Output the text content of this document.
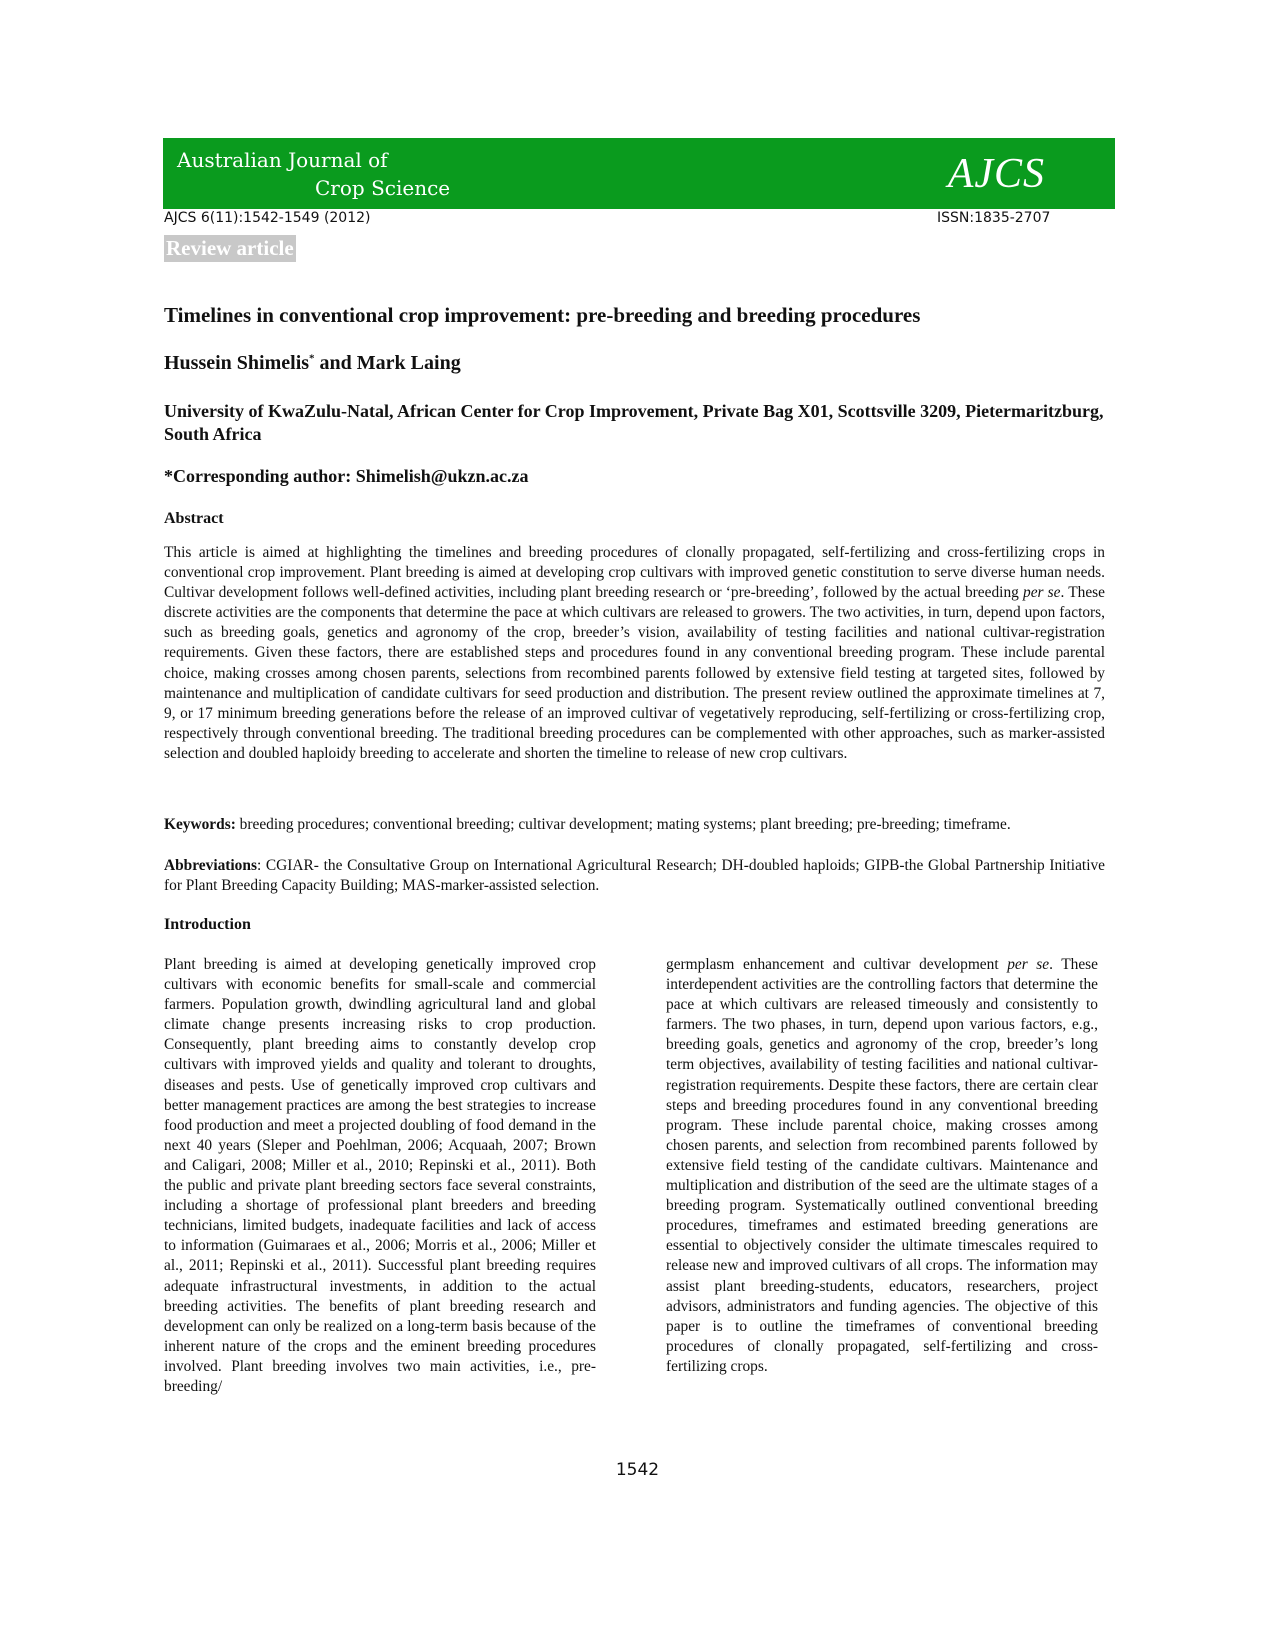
Australian Journal of
Crop Science	AJCS
AJCS 6(11):1542-1549 (2012)	ISSN:1835-2707
Review article
Timelines in conventional crop improvement: pre-breeding and breeding procedures
Hussein Shimelis* and Mark Laing
University of KwaZulu-Natal, African Center for Crop Improvement, Private Bag X01, Scottsville 3209, Pietermaritzburg, South Africa
*Corresponding author: Shimelish@ukzn.ac.za
Abstract

This article is aimed at highlighting the timelines and breeding procedures of clonally propagated, self-fertilizing and cross-fertilizing crops in conventional crop improvement. Plant breeding is aimed at developing crop cultivars with improved genetic constitution to serve diverse human needs. Cultivar development follows well-defined activities, including plant breeding research or ‘pre-breeding’, followed by the actual breeding per se. These discrete activities are the components that determine the pace at which cultivars are released to growers. The two activities, in turn, depend upon factors, such as breeding goals, genetics and agronomy of the crop, breeder’s vision, availability of testing facilities and national cultivar-registration requirements. Given these factors, there are established steps and procedures found in any conventional breeding program. These include parental choice, making crosses among chosen parents, selections from recombined parents followed by extensive field testing at targeted sites, followed by maintenance and multiplication of candidate cultivars for seed production and distribution. The present review outlined the approximate timelines at 7, 9, or 17 minimum breeding generations before the release of an improved cultivar of vegetatively reproducing, self-fertilizing or cross-fertilizing crop, respectively through conventional breeding. The traditional breeding procedures can be complemented with other approaches, such as marker-assisted selection and doubled haploidy breeding to accelerate and shorten the timeline to release of new crop cultivars.

Keywords: breeding procedures; conventional breeding; cultivar development; mating systems; plant breeding; pre-breeding; timeframe.

Abbreviations: CGIAR- the Consultative Group on International Agricultural Research; DH-doubled haploids; GIPB-the Global Partnership Initiative for Plant Breeding Capacity Building; MAS-marker-assisted selection.

Introduction

Plant breeding is aimed at developing genetically improved crop cultivars with economic benefits for small-scale and commercial farmers. Population growth, dwindling agricultural land and global climate change presents increasing risks to crop production. Consequently, plant breeding aims to constantly develop crop cultivars with improved yields and quality and tolerant to droughts, diseases and pests. Use of genetically improved crop cultivars and better management practices are among the best strategies to increase food production and meet a projected doubling of food demand in the next 40 years (Sleper and Poehlman, 2006; Acquaah, 2007; Brown and Caligari, 2008; Miller et al., 2010; Repinski et al., 2011). Both the public and private plant breeding sectors face several constraints, including a shortage of professional plant breeders and breeding technicians, limited budgets, inadequate facilities and lack of access to information (Guimaraes et al., 2006; Morris et al., 2006; Miller et al., 2011; Repinski et al., 2011). Successful plant breeding requires adequate infrastructural investments, in addition to the actual breeding activities. The benefits of plant breeding research and development can only be realized on a long-term basis because of the inherent nature of the crops and the eminent breeding procedures involved. Plant breeding involves two main activities, i.e., pre-breeding/

germplasm enhancement and cultivar development per se. These interdependent activities are the controlling factors that determine the pace at which cultivars are released timeously and consistently to farmers. The two phases, in turn, depend upon various factors, e.g., breeding goals, genetics and agronomy of the crop, breeder’s long term objectives, availability of testing facilities and national cultivar-registration requirements. Despite these factors, there are certain clear steps and breeding procedures found in any conventional breeding program. These include parental choice, making crosses among chosen parents, and selection from recombined parents followed by extensive field testing of the candidate cultivars. Maintenance and multiplication and distribution of the seed are the ultimate stages of a breeding program. Systematically outlined conventional breeding procedures, timeframes and estimated breeding generations are essential to objectively consider the ultimate timescales required to release new and improved cultivars of all crops. The information may assist plant breeding-students, educators, researchers, project advisors, administrators and funding agencies. The objective of this paper is to outline the timeframes of conventional breeding procedures of clonally propagated, self-fertilizing and cross-fertilizing crops.

1542
